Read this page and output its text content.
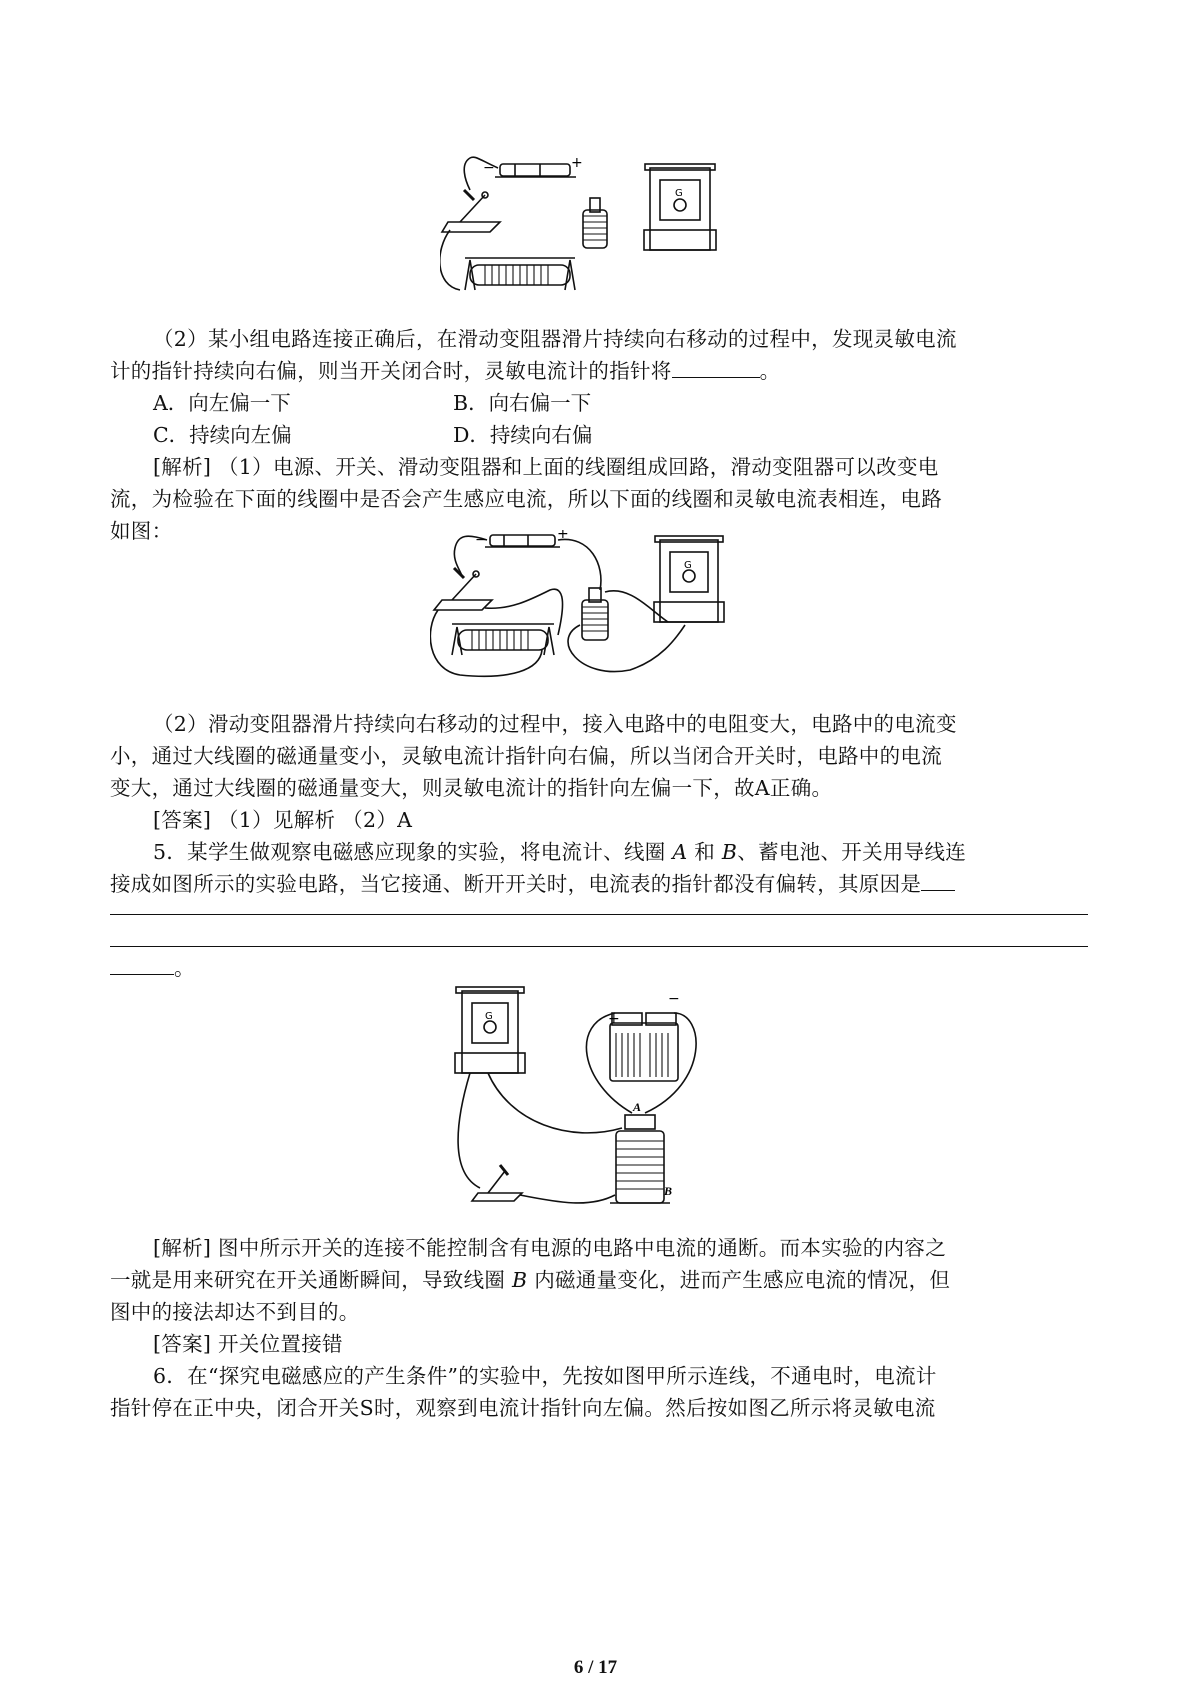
−	+
G

（2）某小组电路连接正确后，在滑动变阻器滑片持续向右移动的过程中，发现灵敏电流

计的指针持续向右偏，则当开关闭合时，灵敏电流计的指针将	。

A．向左偏一下	B．向右偏一下
C．持续向左偏	D．持续向右偏

[解析] （1）电源、开关、滑动变阻器和上面的线圈组成回路，滑动变阻器可以改变电

流，为检验在下面的线圈中是否会产生感应电流，所以下面的线圈和灵敏电流表相连，电路

如图：	−	+
G

（2）滑动变阻器滑片持续向右移动的过程中，接入电路中的电阻变大，电路中的电流变

小，通过大线圈的磁通量变小，灵敏电流计指针向右偏，所以当闭合开关时，电路中的电流

变大，通过大线圈的磁通量变大，则灵敏电流计的指针向左偏一下，故A正确。

[答案] （1）见解析 （2）A

5．某学生做观察电磁感应现象的实验，将电流计、线圈 A 和 B、蓄电池、开关用导线连

接成如图所示的实验电路，当它接通、断开开关时，电流表的指针都没有偏转，其原因是

。

G	+
−
A
B

[解析] 图中所示开关的连接不能控制含有电源的电路中电流的通断。而本实验的内容之

一就是用来研究在开关通断瞬间，导致线圈 B 内磁通量变化，进而产生感应电流的情况，但

图中的接法却达不到目的。

[答案] 开关位置接错

6．在“探究电磁感应的产生条件”的实验中，先按如图甲所示连线，不通电时，电流计

指针停在正中央，闭合开关S时，观察到电流计指针向左偏。然后按如图乙所示将灵敏电流

6 / 17
